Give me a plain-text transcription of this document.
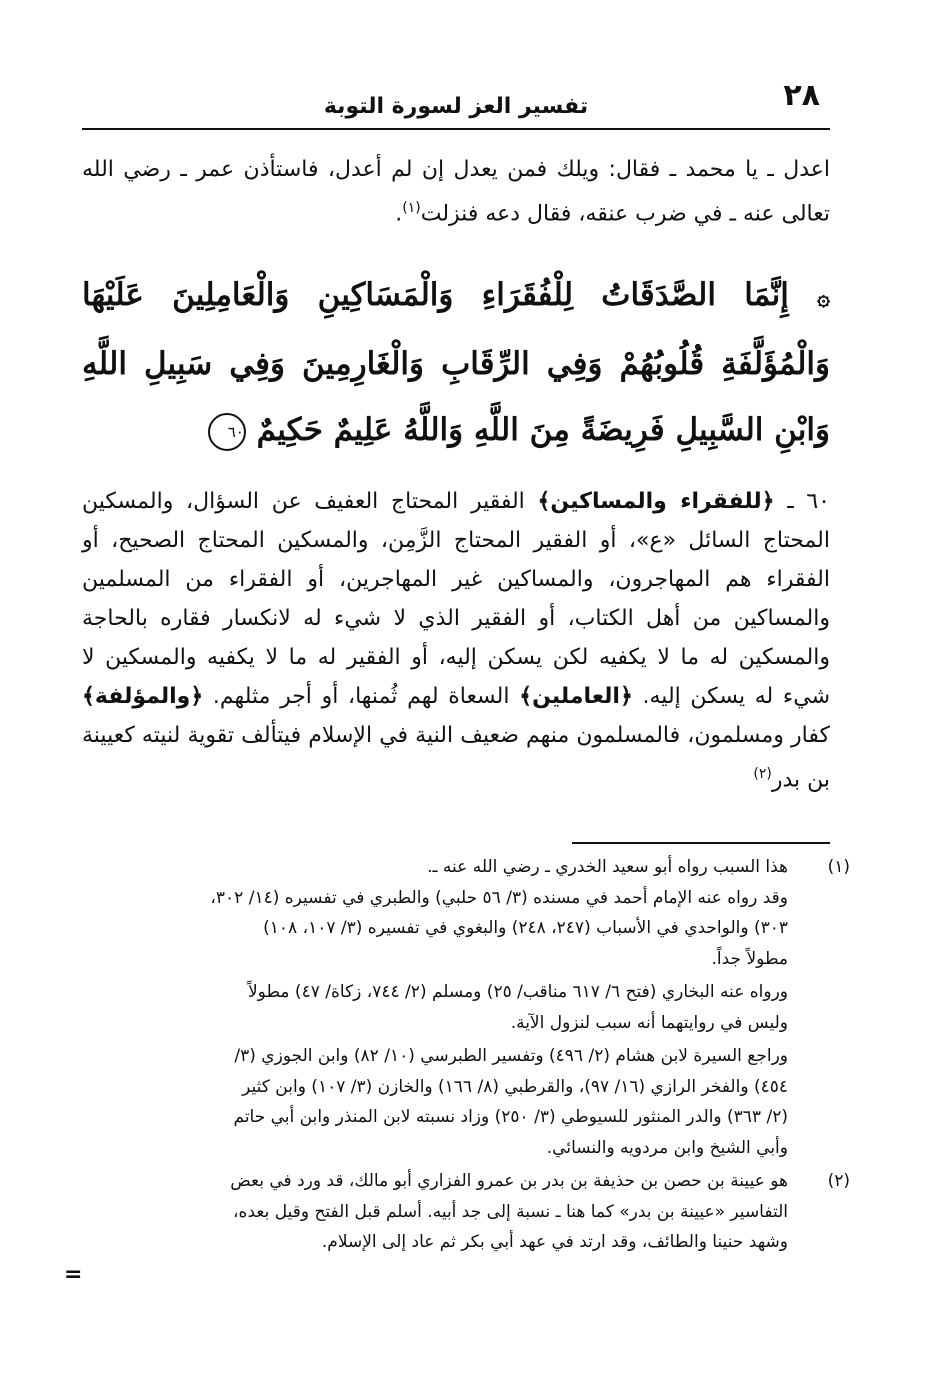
٢٨
تفسير العز لسورة التوبة

اعدل ـ يا محمد ـ فقال: ويلك فمن يعدل إن لم أعدل، فاستأذن عمر ـ رضي الله تعالى عنه ـ في ضرب عنقه، فقال دعه فنزلت$^{(١)}$.

۞ إِنَّمَا الصَّدَقَاتُ لِلْفُقَرَاءِ وَالْمَسَاكِينِ وَالْعَامِلِينَ عَلَيْهَا وَالْمُؤَلَّفَةِ قُلُوبُهُمْ وَفِي الرِّقَابِ وَالْغَارِمِينَ وَفِي سَبِيلِ اللَّهِ وَابْنِ السَّبِيلِ فَرِيضَةً مِنَ اللَّهِ وَاللَّهُ عَلِيمٌ حَكِيمٌ ٦٠

٦٠ ـ ﴿للفقراء والمساكين﴾ الفقير المحتاج العفيف عن السؤال، والمسكين المحتاج السائل «ع»، أو الفقير المحتاج الزَّمِن، والمسكين المحتاج الصحيح، أو الفقراء هم المهاجرون، والمساكين غير المهاجرين، أو الفقراء من المسلمين والمساكين من أهل الكتاب، أو الفقير الذي لا شيء له لانكسار فقاره بالحاجة والمسكين له ما لا يكفيه لكن يسكن إليه، أو الفقير له ما لا يكفيه والمسكين لا شيء له يسكن إليه. ﴿العاملين﴾ السعاة لهم ثُمنها، أو أجر مثلهم. ﴿والمؤلفة﴾ كفار ومسلمون، فالمسلمون منهم ضعيف النية في الإسلام فيتألف تقوية لنيته كعيينة بن بدر$^{(٢)}$

(١)
هذا السبب رواه أبو سعيد الخدري ـ رضي الله عنه ـ.
وقد رواه عنه الإمام أحمد في مسنده (٣/ ٥٦ حلبي) والطبري في تفسيره (١٤/ ٣٠٢،
٣٠٣) والواحدي في الأسباب (٢٤٧، ٢٤٨) والبغوي في تفسيره (٣/ ١٠٧، ١٠٨)
مطولاً جداً.
ورواه عنه البخاري (فتح ٦/ ٦١٧ مناقب/ ٢٥) ومسلم (٢/ ٧٤٤، زكاة/ ٤٧) مطولاً
وليس في روايتهما أنه سبب لنزول الآية.
وراجع السيرة لابن هشام (٢/ ٤٩٦) وتفسير الطبرسي (١٠/ ٨٢) وابن الجوزي (٣/
٤٥٤) والفخر الرازي (١٦/ ٩٧)، والقرطبي (٨/ ١٦٦) والخازن (٣/ ١٠٧) وابن كثير
(٢/ ٣٦٣) والدر المنثور للسيوطي (٣/ ٢٥٠) وزاد نسبته لابن المنذر وابن أبي حاتم
وأبي الشيخ وابن مردويه والنسائي.
(٢)
هو عيينة بن حصن بن حذيفة بن بدر بن عمرو الفزاري أبو مالك، قد ورد في بعض
التفاسير «عيينة بن بدر» كما هنا ـ نسبة إلى جد أبيه. أسلم قبل الفتح وقيل بعده،
وشهد حنينا والطائف، وقد ارتد في عهد أبي بكر ثم عاد إلى الإسلام.
=
